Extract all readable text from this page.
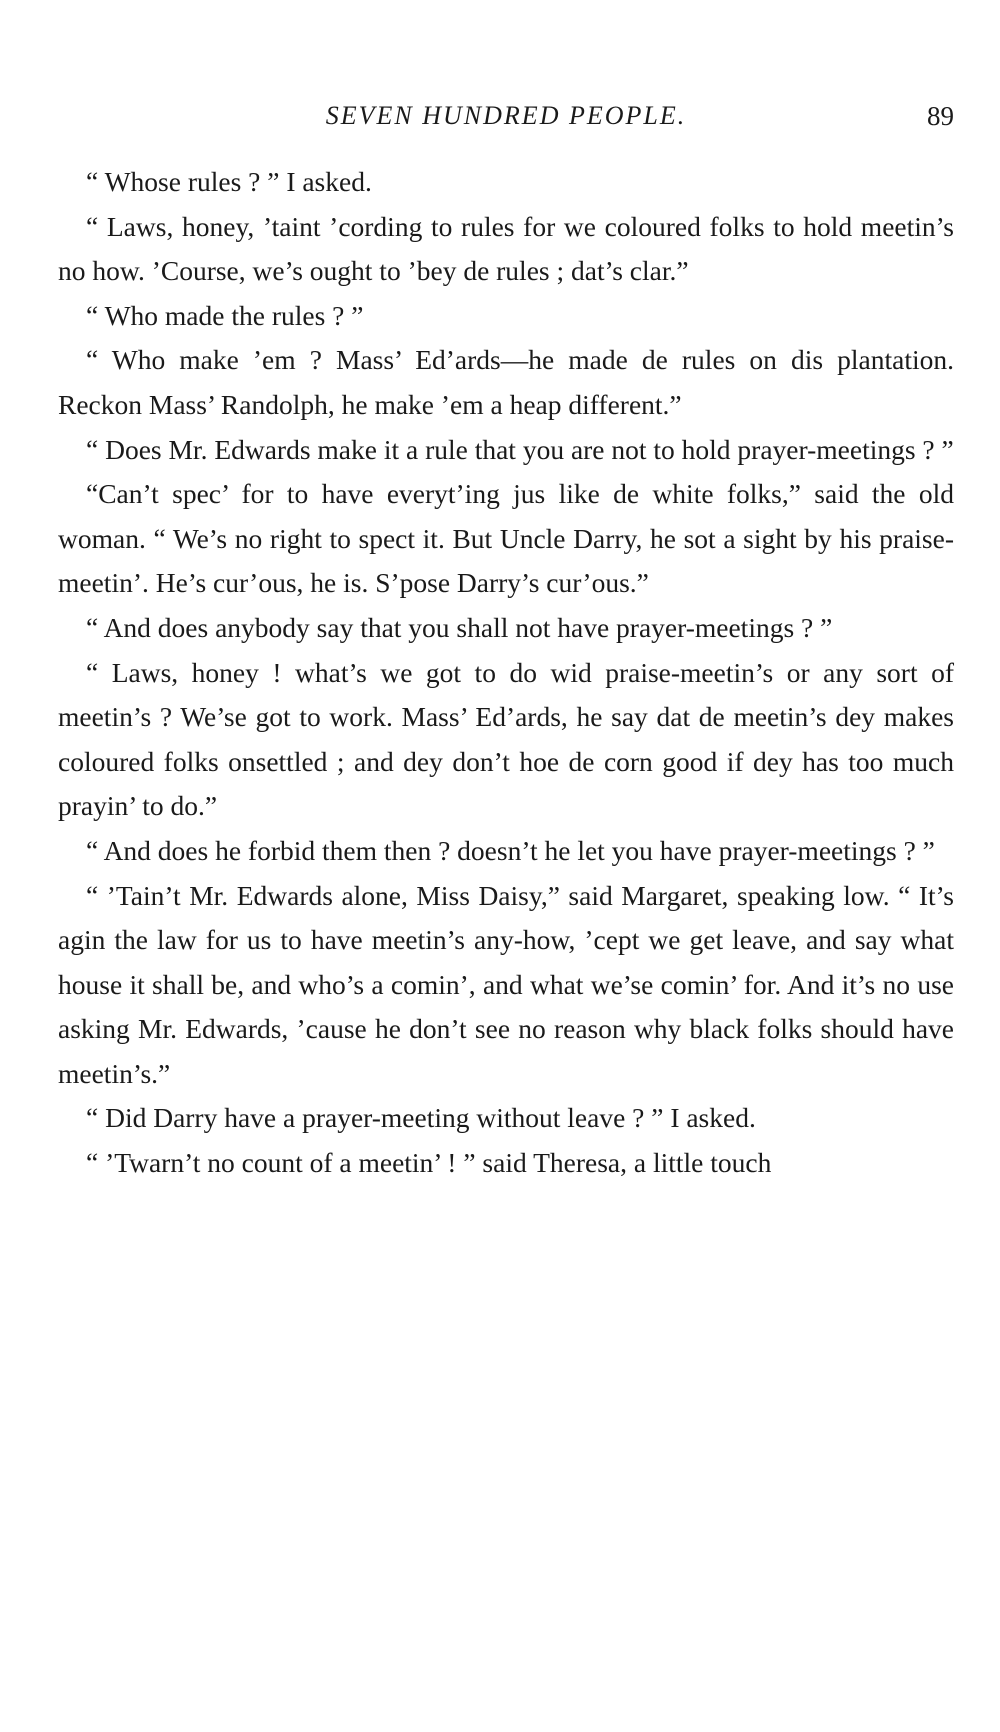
SEVEN HUNDRED PEOPLE.	89

“ Whose rules ? ” I asked.

“ Laws, honey, ’taint ’cording to rules for we coloured folks to hold meetin’s no how. ’Course, we’s ought to ’bey de rules ; dat’s clar.”

“ Who made the rules ? ”

“ Who make ’em ? Mass’ Ed’ards—he made de rules on dis plantation. Reckon Mass’ Randolph, he make ’em a heap different.”

“ Does Mr. Edwards make it a rule that you are not to hold prayer-meetings ? ”

“Can’t spec’ for to have everyt’ing jus like de white folks,” said the old woman. “ We’s no right to spect it. But Uncle Darry, he sot a sight by his praise-meetin’. He’s cur’ous, he is. S’pose Darry’s cur’ous.”

“ And does anybody say that you shall not have prayer-meetings ? ”

“ Laws, honey ! what’s we got to do wid praise-meetin’s or any sort of meetin’s ? We’se got to work. Mass’ Ed’ards, he say dat de meetin’s dey makes coloured folks onsettled ; and dey don’t hoe de corn good if dey has too much prayin’ to do.”

“ And does he forbid them then ? doesn’t he let you have prayer-meetings ? ”

“ ’Tain’t Mr. Edwards alone, Miss Daisy,” said Margaret, speaking low. “ It’s agin the law for us to have meetin’s any-how, ’cept we get leave, and say what house it shall be, and who’s a comin’, and what we’se comin’ for. And it’s no use asking Mr. Edwards, ’cause he don’t see no reason why black folks should have meetin’s.”

“ Did Darry have a prayer-meeting without leave ? ” I asked.

“ ’Twarn’t no count of a meetin’ ! ” said Theresa, a little touch
